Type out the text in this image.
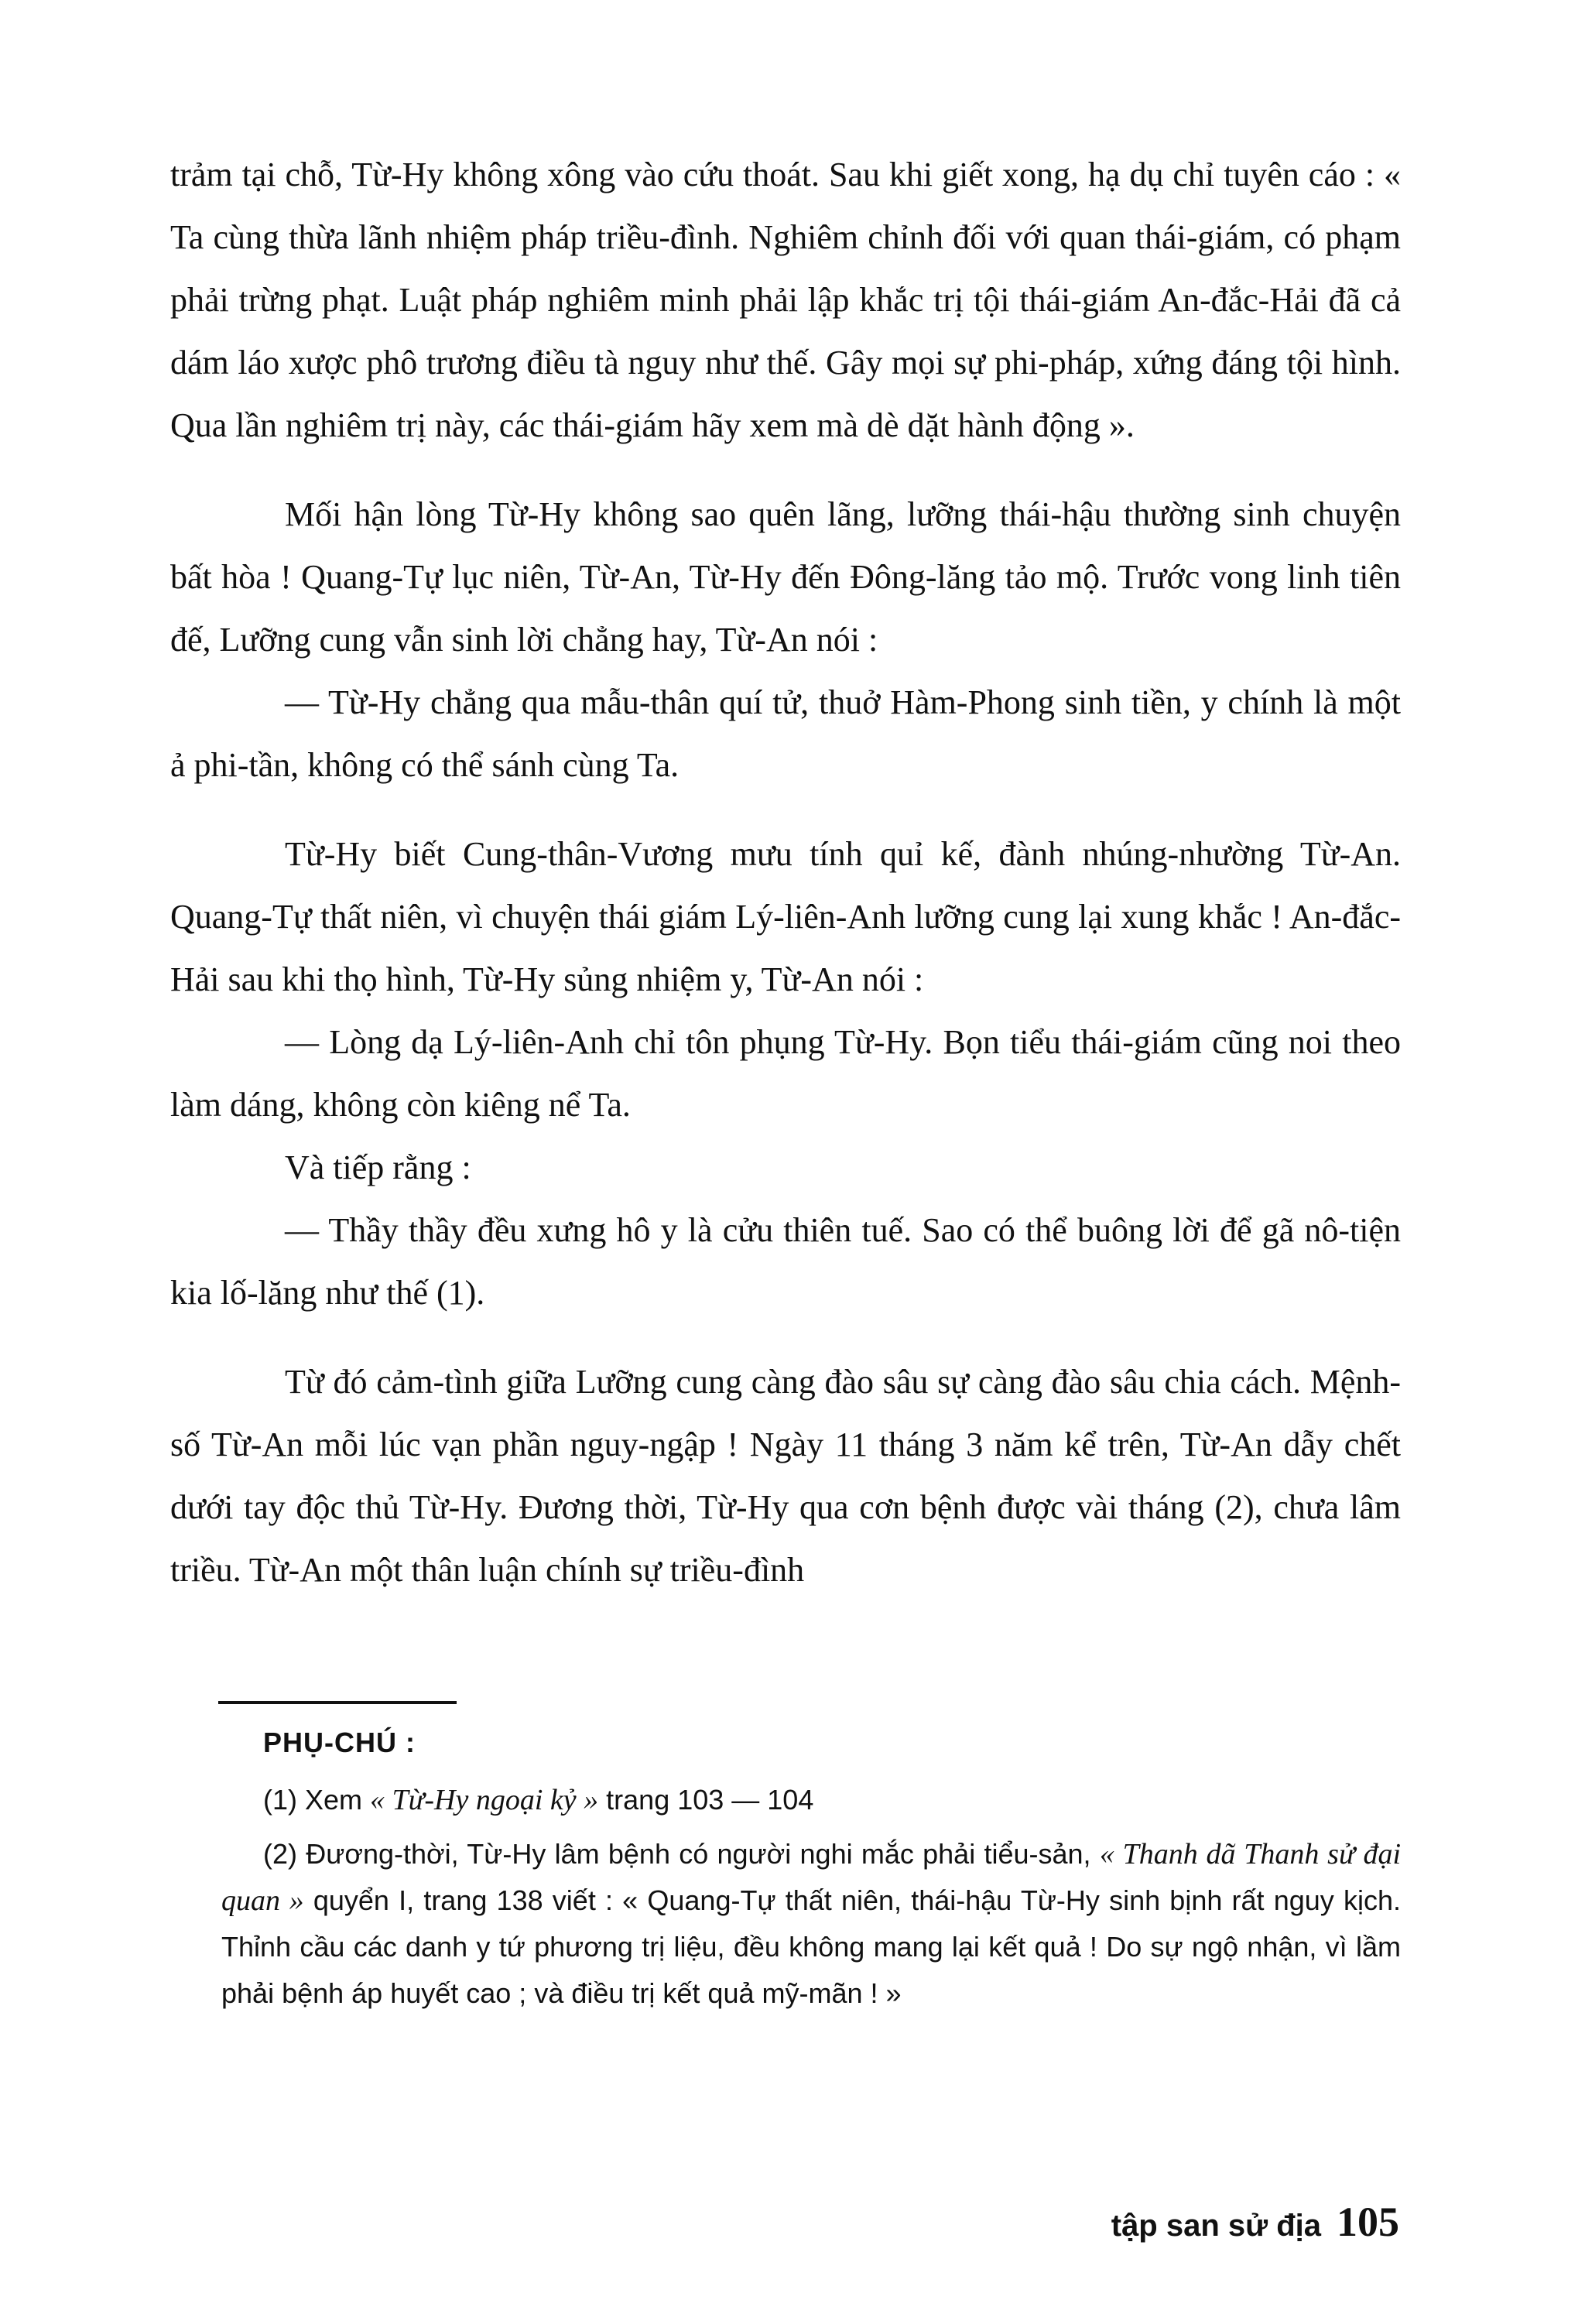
trảm tại chỗ, Từ-Hy không xông vào cứu thoát. Sau khi giết xong, hạ dụ chỉ tuyên cáo : « Ta cùng thừa lãnh nhiệm pháp triều-đình. Nghiêm chỉnh đối với quan thái-giám, có phạm phải trừng phạt. Luật pháp nghiêm minh phải lập khắc trị tội thái-giám An-đắc-Hải đã cả dám láo xược phô trương điều tà nguy như thế. Gây mọi sự phi-pháp, xứng đáng tội hình. Qua lần nghiêm trị này, các thái-giám hãy xem mà dè dặt hành động ».

Mối hận lòng Từ-Hy không sao quên lãng, lưỡng thái-hậu thường sinh chuyện bất hòa ! Quang-Tự lục niên, Từ-An, Từ-Hy đến Đông-lăng tảo mộ. Trước vong linh tiên đế, Lưỡng cung vẫn sinh lời chẳng hay, Từ-An nói :

— Từ-Hy chẳng qua mẫu-thân quí tử, thuở Hàm-Phong sinh tiền, y chính là một ả phi-tần, không có thể sánh cùng Ta.

Từ-Hy biết Cung-thân-Vương mưu tính quỉ kế, đành nhúng-nhường Từ-An. Quang-Tự thất niên, vì chuyện thái giám Lý-liên-Anh lưỡng cung lại xung khắc ! An-đắc-Hải sau khi thọ hình, Từ-Hy sủng nhiệm y, Từ-An nói :

— Lòng dạ Lý-liên-Anh chỉ tôn phụng Từ-Hy. Bọn tiểu thái-giám cũng noi theo làm dáng, không còn kiêng nể Ta.

Và tiếp rằng :

— Thầy thầy đều xưng hô y là cửu thiên tuế. Sao có thể buông lời để gã nô-tiện kia lố-lăng như thế (1).

Từ đó cảm-tình giữa Lưỡng cung càng đào sâu sự càng đào sâu chia cách. Mệnh-số Từ-An mỗi lúc vạn phần nguy-ngập ! Ngày 11 tháng 3 năm kể trên, Từ-An dẫy chết dưới tay độc thủ Từ-Hy. Đương thời, Từ-Hy qua cơn bệnh được vài tháng (2), chưa lâm triều. Từ-An một thân luận chính sự triều-đình

PHỤ-CHÚ :

(1) Xem « Từ-Hy ngoại kỷ » trang 103 — 104

(2) Đương-thời, Từ-Hy lâm bệnh có người nghi mắc phải tiểu-sản, « Thanh dã Thanh sử đại quan » quyển I, trang 138 viết : « Quang-Tự thất niên, thái-hậu Từ-Hy sinh bịnh rất nguy kịch. Thỉnh cầu các danh y tứ phương trị liệu, đều không mang lại kết quả ! Do sự ngộ nhận, vì lầm phải bệnh áp huyết cao ; và điều trị kết quả mỹ-mãn ! »

tập san sử địa 105
